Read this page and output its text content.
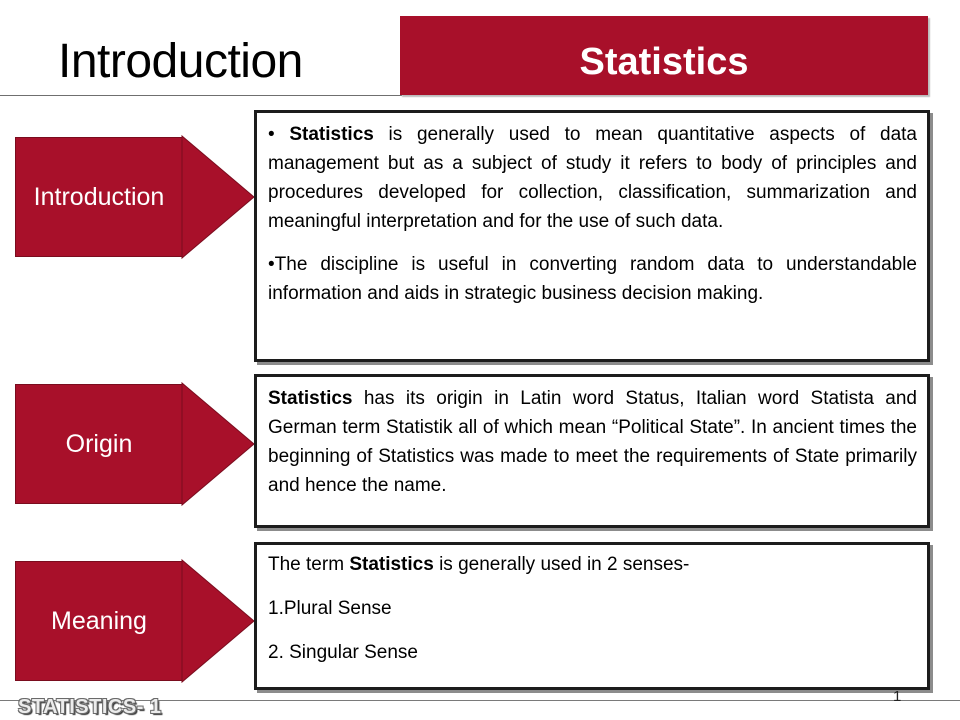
Introduction	Statistics
Introduction

• Statistics is generally used to mean quantitative aspects of data management but as a subject of study it refers to body of principles and procedures developed for collection, classification, summarization and meaningful interpretation and for the use of such data.

•The discipline is useful in converting random data to understandable information and aids in strategic business decision making.

Origin

Statistics has its origin in Latin word Status, Italian word Statista and German term Statistik all of which mean “Political State”. In ancient times the beginning of Statistics was made to meet the requirements of State primarily and hence the name.

Meaning

The term Statistics is generally used in 2 senses-

1.Plural Sense

2. Singular Sense

STATISTICS- 1	1
